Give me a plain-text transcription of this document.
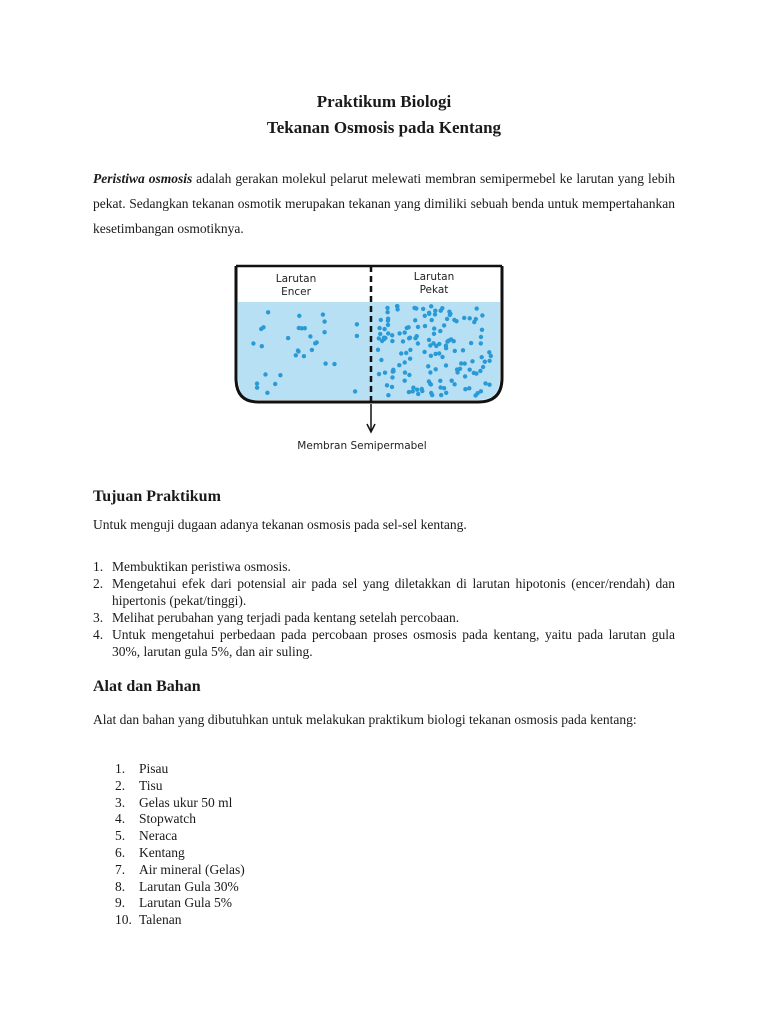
Praktikum Biologi
Tekanan Osmosis pada Kentang

Peristiwa osmosis adalah gerakan molekul pelarut melewati membran semipermebel ke larutan yang lebih pekat. Sedangkan tekanan osmotik merupakan tekanan yang dimiliki sebuah benda untuk mempertahankan kesetimbangan osmotiknya.

Larutan
Encer
Larutan
Pekat
Membran Semipermabel
Tujuan Praktikum

Untuk menguji dugaan adanya tekanan osmosis pada sel-sel kentang.

1. Membuktikan peristiwa osmosis.
2. Mengetahui efek dari potensial air pada sel yang diletakkan di larutan hipotonis (encer/rendah) dan hipertonis (pekat/tinggi).
3. Melihat perubahan yang terjadi pada kentang setelah percobaan.
4. Untuk mengetahui perbedaan pada percobaan proses osmosis pada kentang, yaitu pada larutan gula 30%, larutan gula 5%, dan air suling.
Alat dan Bahan

Alat dan bahan yang dibutuhkan untuk melakukan praktikum biologi tekanan osmosis pada kentang:

1. Pisau
2. Tisu
3. Gelas ukur 50 ml
4. Stopwatch
5. Neraca
6. Kentang
7. Air mineral (Gelas)
8. Larutan Gula 30%
9. Larutan Gula 5%
10. Talenan
